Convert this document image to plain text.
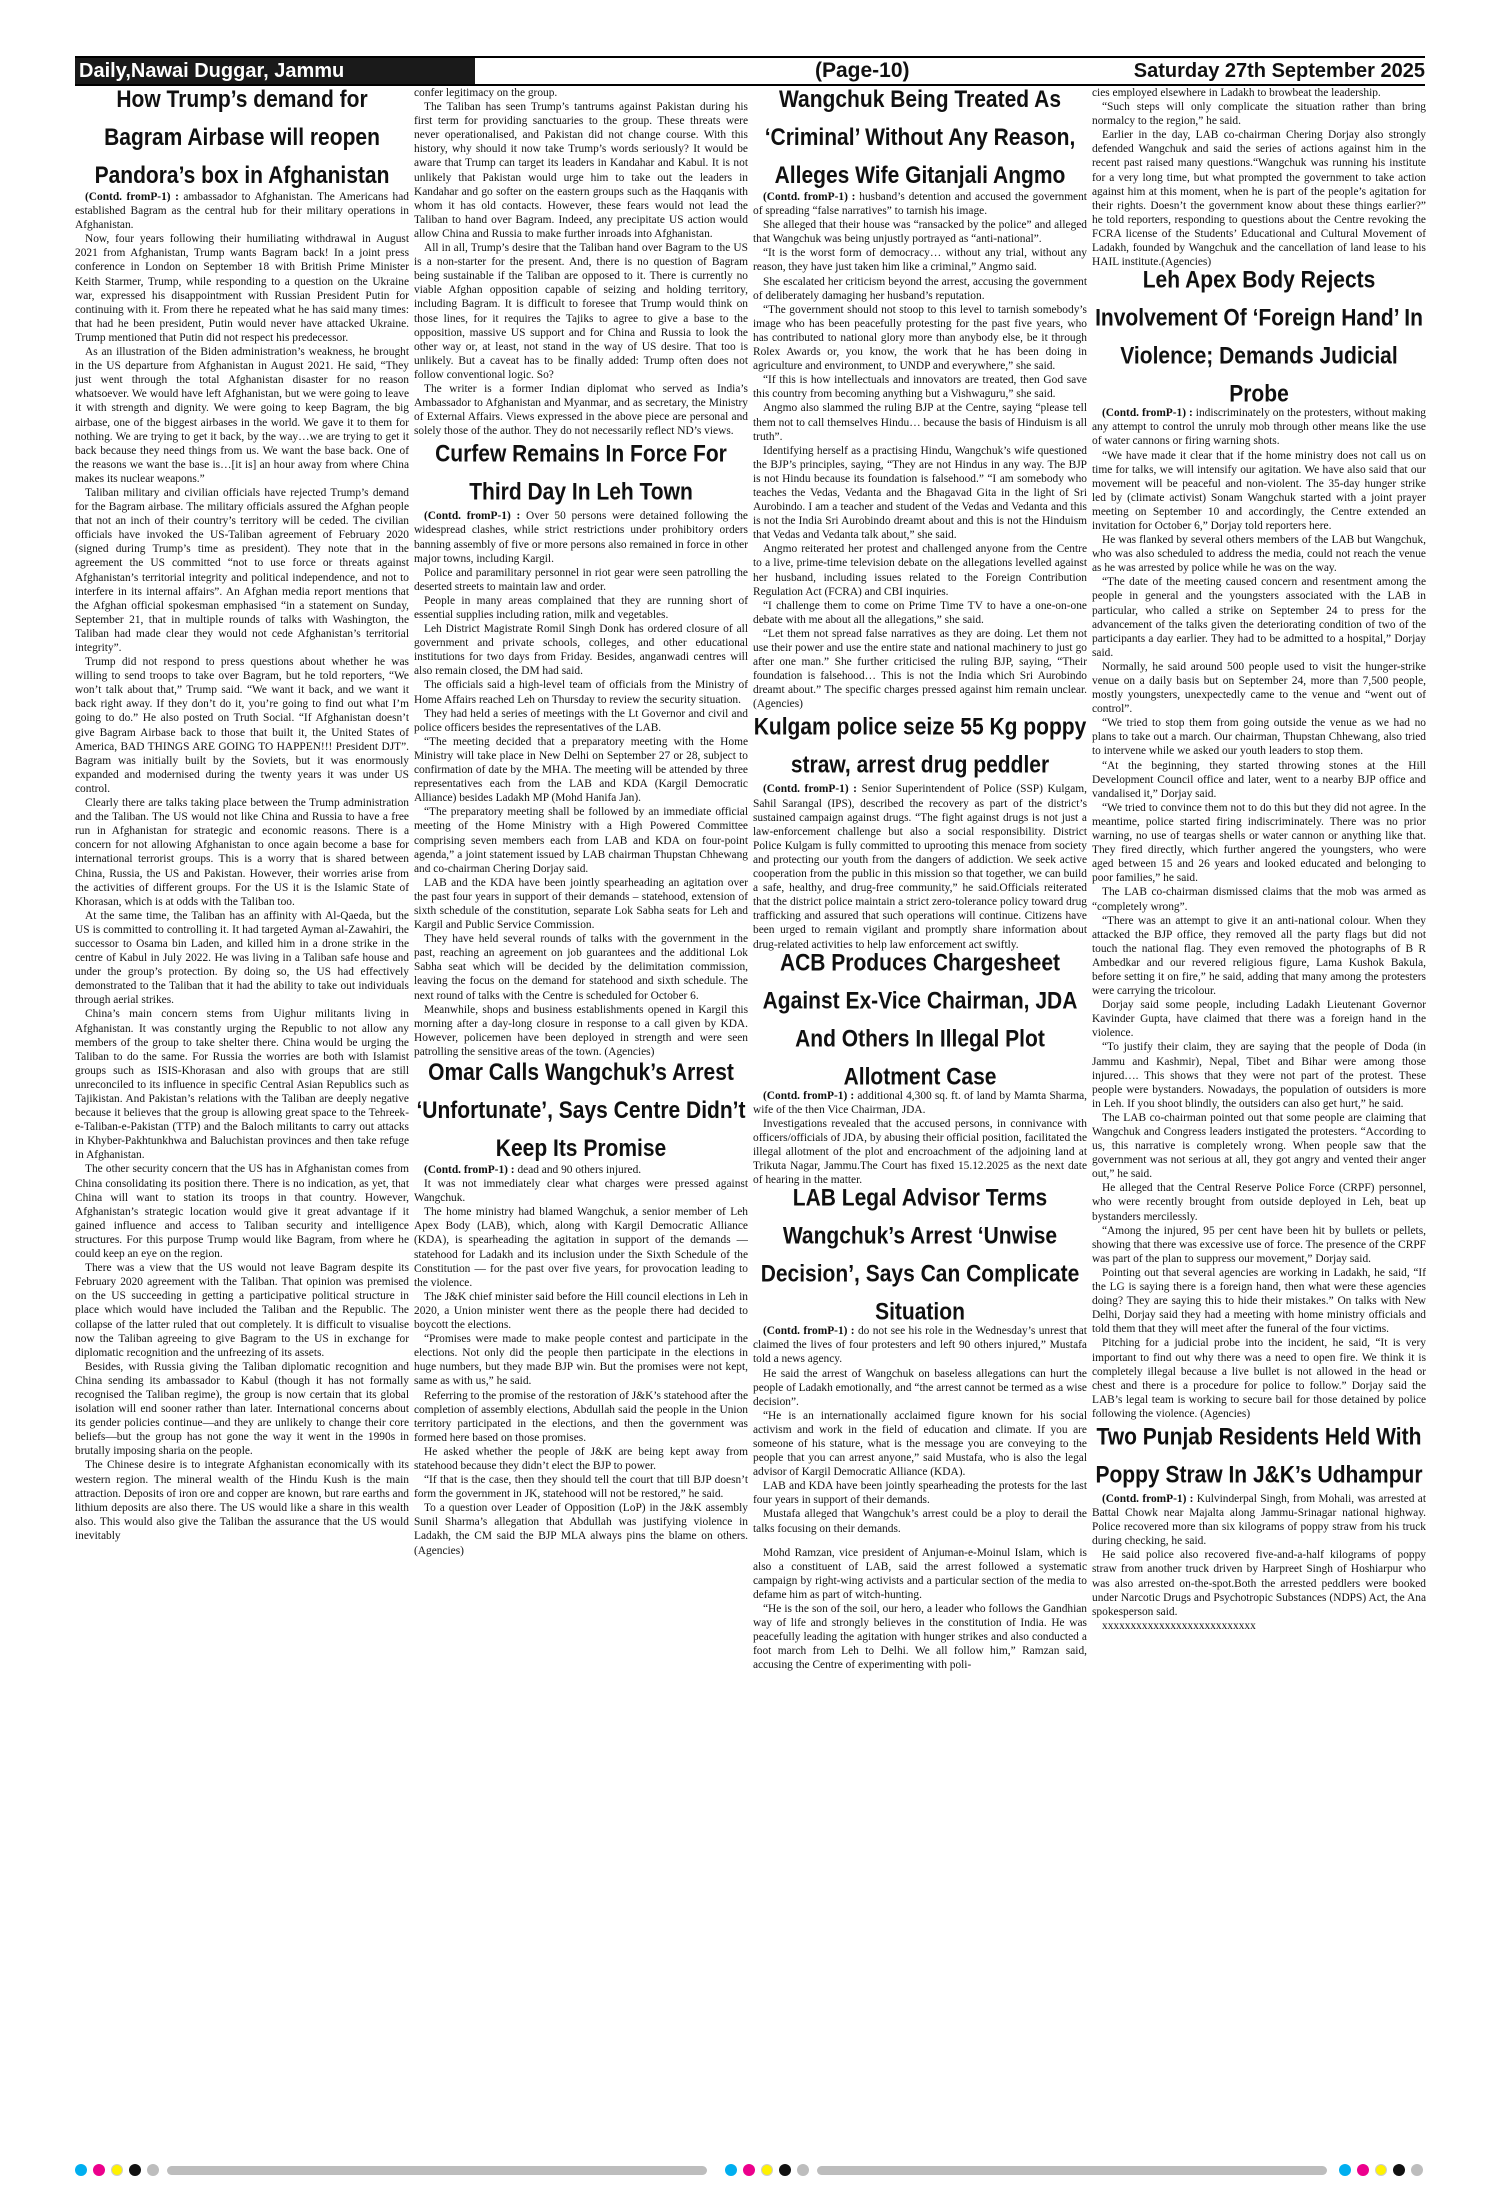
Daily,Nawai Duggar, Jammu	(Page-10)	Saturday 27th September 2025
How Trump’s demand for Bagram Airbase will reopen Pandora’s box in Afghanistan

(Contd. fromP-1) : ambassador to Afghanistan. The Americans had established Bagram as the central hub for their military operations in Afghanistan.

Now, four years following their humiliating withdrawal in August 2021 from Afghanistan, Trump wants Bagram back! In a joint press conference in London on September 18 with British Prime Minister Keith Starmer, Trump, while responding to a question on the Ukraine war, expressed his disappointment with Russian President Putin for continuing with it. From there he repeated what he has said many times: that had he been president, Putin would never have attacked Ukraine. Trump mentioned that Putin did not respect his predecessor.

As an illustration of the Biden administration’s weakness, he brought in the US departure from Afghanistan in August 2021. He said, “They just went through the total Afghanistan disaster for no reason whatsoever. We would have left Afghanistan, but we were going to leave it with strength and dignity. We were going to keep Bagram, the big airbase, one of the biggest airbases in the world. We gave it to them for nothing. We are trying to get it back, by the way…we are trying to get it back because they need things from us. We want the base back. One of the reasons we want the base is…[it is] an hour away from where China makes its nuclear weapons.”

Taliban military and civilian officials have rejected Trump’s demand for the Bagram airbase. The military officials assured the Afghan people that not an inch of their country’s territory will be ceded. The civilian officials have invoked the US-Taliban agreement of February 2020 (signed during Trump’s time as president). They note that in the agreement the US committed “not to use force or threats against Afghanistan’s territorial integrity and political independence, and not to interfere in its internal affairs”. An Afghan media report mentions that the Afghan official spokesman emphasised “in a statement on Sunday, September 21, that in multiple rounds of talks with Washington, the Taliban had made clear they would not cede Afghanistan’s territorial integrity”.

Trump did not respond to press questions about whether he was willing to send troops to take over Bagram, but he told reporters, “We won’t talk about that,” Trump said. “We want it back, and we want it back right away. If they don’t do it, you’re going to find out what I’m going to do.” He also posted on Truth Social. “If Afghanistan doesn’t give Bagram Airbase back to those that built it, the United States of America, BAD THINGS ARE GOING TO HAPPEN!!! President DJT”. Bagram was initially built by the Soviets, but it was enormously expanded and modernised during the twenty years it was under US control.

Clearly there are talks taking place between the Trump administration and the Taliban. The US would not like China and Russia to have a free run in Afghanistan for strategic and economic reasons. There is a concern for not allowing Afghanistan to once again become a base for international terrorist groups. This is a worry that is shared between China, Russia, the US and Pakistan. However, their worries arise from the activities of different groups. For the US it is the Islamic State of Khorasan, which is at odds with the Taliban too.

At the same time, the Taliban has an affinity with Al-Qaeda, but the US is committed to controlling it. It had targeted Ayman al-Zawahiri, the successor to Osama bin Laden, and killed him in a drone strike in the centre of Kabul in July 2022. He was living in a Taliban safe house and under the group’s protection. By doing so, the US had effectively demonstrated to the Taliban that it had the ability to take out individuals through aerial strikes.

China’s main concern stems from Uighur militants living in Afghanistan. It was constantly urging the Republic to not allow any members of the group to take shelter there. China would be urging the Taliban to do the same. For Russia the worries are both with Islamist groups such as ISIS-Khorasan and also with groups that are still unreconciled to its influence in specific Central Asian Republics such as Tajikistan. And Pakistan’s relations with the Taliban are deeply negative because it believes that the group is allowing great space to the Tehreek-e-Taliban-e-Pakistan (TTP) and the Baloch militants to carry out attacks in Khyber-Pakhtunkhwa and Baluchistan provinces and then take refuge in Afghanistan.

The other security concern that the US has in Afghanistan comes from China consolidating its position there. There is no indication, as yet, that China will want to station its troops in that country. However, Afghanistan’s strategic location would give it great advantage if it gained influence and access to Taliban security and intelligence structures. For this purpose Trump would like Bagram, from where he could keep an eye on the region.

There was a view that the US would not leave Bagram despite its February 2020 agreement with the Taliban. That opinion was premised on the US succeeding in getting a participative political structure in place which would have included the Taliban and the Republic. The collapse of the latter ruled that out completely. It is difficult to visualise now the Taliban agreeing to give Bagram to the US in exchange for diplomatic recognition and the unfreezing of its assets.

Besides, with Russia giving the Taliban diplomatic recognition and China sending its ambassador to Kabul (though it has not formally recognised the Taliban regime), the group is now certain that its global isolation will end sooner rather than later. International concerns about its gender policies continue—and they are unlikely to change their core beliefs—but the group has not gone the way it went in the 1990s in brutally imposing sharia on the people.

The Chinese desire is to integrate Afghanistan economically with its western region. The mineral wealth of the Hindu Kush is the main attraction. Deposits of iron ore and copper are known, but rare earths and lithium deposits are also there. The US would like a share in this wealth also. This would also give the Taliban the assurance that the US would inevitably

confer legitimacy on the group.

The Taliban has seen Trump’s tantrums against Pakistan during his first term for providing sanctuaries to the group. These threats were never operationalised, and Pakistan did not change course. With this history, why should it now take Trump’s words seriously? It would be aware that Trump can target its leaders in Kandahar and Kabul. It is not unlikely that Pakistan would urge him to take out the leaders in Kandahar and go softer on the eastern groups such as the Haqqanis with whom it has old contacts. However, these fears would not lead the Taliban to hand over Bagram. Indeed, any precipitate US action would allow China and Russia to make further inroads into Afghanistan.

All in all, Trump’s desire that the Taliban hand over Bagram to the US is a non-starter for the present. And, there is no question of Bagram being sustainable if the Taliban are opposed to it. There is currently no viable Afghan opposition capable of seizing and holding territory, including Bagram. It is difficult to foresee that Trump would think on those lines, for it requires the Tajiks to agree to give a base to the opposition, massive US support and for China and Russia to look the other way or, at least, not stand in the way of US desire. That too is unlikely. But a caveat has to be finally added: Trump often does not follow conventional logic. So?

The writer is a former Indian diplomat who served as India’s Ambassador to Afghanistan and Myanmar, and as secretary, the Ministry of External Affairs. Views expressed in the above piece are personal and solely those of the author. They do not necessarily reflect ND’s views.

Curfew Remains In Force For Third Day In Leh Town

(Contd. fromP-1) : Over 50 persons were detained following the widespread clashes, while strict restrictions under prohibitory orders banning assembly of five or more persons also remained in force in other major towns, including Kargil.

Police and paramilitary personnel in riot gear were seen patrolling the deserted streets to maintain law and order.

People in many areas complained that they are running short of essential supplies including ration, milk and vegetables.

Leh District Magistrate Romil Singh Donk has ordered closure of all government and private schools, colleges, and other educational institutions for two days from Friday. Besides, anganwadi centres will also remain closed, the DM had said.

The officials said a high-level team of officials from the Ministry of Home Affairs reached Leh on Thursday to review the security situation.

They had held a series of meetings with the Lt Governor and civil and police officers besides the representatives of the LAB.

“The meeting decided that a preparatory meeting with the Home Ministry will take place in New Delhi on September 27 or 28, subject to confirmation of date by the MHA. The meeting will be attended by three representatives each from the LAB and KDA (Kargil Democratic Alliance) besides Ladakh MP (Mohd Hanifa Jan).

“The preparatory meeting shall be followed by an immediate official meeting of the Home Ministry with a High Powered Committee comprising seven members each from LAB and KDA on four-point agenda,” a joint statement issued by LAB chairman Thupstan Chhewang and co-chairman Chering Dorjay said.

LAB and the KDA have been jointly spearheading an agitation over the past four years in support of their demands – statehood, extension of sixth schedule of the constitution, separate Lok Sabha seats for Leh and Kargil and Public Service Commission.

They have held several rounds of talks with the government in the past, reaching an agreement on job guarantees and the additional Lok Sabha seat which will be decided by the delimitation commission, leaving the focus on the demand for statehood and sixth schedule. The next round of talks with the Centre is scheduled for October 6.

Meanwhile, shops and business establishments opened in Kargil this morning after a day-long closure in response to a call given by KDA. However, policemen have been deployed in strength and were seen patrolling the sensitive areas of the town. (Agencies)

Omar Calls Wangchuk’s Arrest ‘Unfortunate’, Says Centre Didn’t Keep Its Promise

(Contd. fromP-1) : dead and 90 others injured.

It was not immediately clear what charges were pressed against Wangchuk.

The home ministry had blamed Wangchuk, a senior member of Leh Apex Body (LAB), which, along with Kargil Democratic Alliance (KDA), is spearheading the agitation in support of the demands — statehood for Ladakh and its inclusion under the Sixth Schedule of the Constitution — for the past over five years, for provocation leading to the violence.

The J&K chief minister said before the Hill council elections in Leh in 2020, a Union minister went there as the people there had decided to boycott the elections.

“Promises were made to make people contest and participate in the elections. Not only did the people then participate in the elections in huge numbers, but they made BJP win. But the promises were not kept, same as with us,” he said.

Referring to the promise of the restoration of J&K’s statehood after the completion of assembly elections, Abdullah said the people in the Union territory participated in the elections, and then the government was formed here based on those promises.

He asked whether the people of J&K are being kept away from statehood because they didn’t elect the BJP to power.

“If that is the case, then they should tell the court that till BJP doesn’t form the government in JK, statehood will not be restored,” he said.

To a question over Leader of Opposition (LoP) in the J&K assembly Sunil Sharma’s allegation that Abdullah was justifying violence in Ladakh, the CM said the BJP MLA always pins the blame on others. (Agencies)

Wangchuk Being Treated As ‘Criminal’ Without Any Reason, Alleges Wife Gitanjali Angmo

(Contd. fromP-1) : husband’s detention and accused the government of spreading “false narratives” to tarnish his image.

She alleged that their house was “ransacked by the police” and alleged that Wangchuk was being unjustly portrayed as “anti-national”.

“It is the worst form of democracy… without any trial, without any reason, they have just taken him like a criminal,” Angmo said.

She escalated her criticism beyond the arrest, accusing the government of deliberately damaging her husband’s reputation.

“The government should not stoop to this level to tarnish somebody’s image who has been peacefully protesting for the past five years, who has contributed to national glory more than anybody else, be it through Rolex Awards or, you know, the work that he has been doing in agriculture and environment, to UNDP and everywhere,” she said.

“If this is how intellectuals and innovators are treated, then God save this country from becoming anything but a Vishwaguru,” she said.

Angmo also slammed the ruling BJP at the Centre, saying “please tell them not to call themselves Hindu… because the basis of Hinduism is all truth”.

Identifying herself as a practising Hindu, Wangchuk’s wife questioned the BJP’s principles, saying, “They are not Hindus in any way. The BJP is not Hindu because its foundation is falsehood.” “I am somebody who teaches the Vedas, Vedanta and the Bhagavad Gita in the light of Sri Aurobindo. I am a teacher and student of the Vedas and Vedanta and this is not the India Sri Aurobindo dreamt about and this is not the Hinduism that Vedas and Vedanta talk about,” she said.

Angmo reiterated her protest and challenged anyone from the Centre to a live, prime-time television debate on the allegations levelled against her husband, including issues related to the Foreign Contribution Regulation Act (FCRA) and CBI inquiries.

“I challenge them to come on Prime Time TV to have a one-on-one debate with me about all the allegations,” she said.

“Let them not spread false narratives as they are doing. Let them not use their power and use the entire state and national machinery to just go after one man.” She further criticised the ruling BJP, saying, “Their foundation is falsehood… This is not the India which Sri Aurobindo dreamt about.” The specific charges pressed against him remain unclear. (Agencies)

Kulgam police seize 55 Kg poppy straw, arrest drug peddler

(Contd. fromP-1) : Senior Superintendent of Police (SSP) Kulgam, Sahil Sarangal (IPS), described the recovery as part of the district’s sustained campaign against drugs. “The fight against drugs is not just a law-enforcement challenge but also a social responsibility. District Police Kulgam is fully committed to uprooting this menace from society and protecting our youth from the dangers of addiction. We seek active cooperation from the public in this mission so that together, we can build a safe, healthy, and drug-free community,” he said.Officials reiterated that the district police maintain a strict zero-tolerance policy toward drug trafficking and assured that such operations will continue. Citizens have been urged to remain vigilant and promptly share information about drug-related activities to help law enforcement act swiftly.

ACB Produces Chargesheet Against Ex-Vice Chairman, JDA And Others In Illegal Plot Allotment Case

(Contd. fromP-1) : additional 4,300 sq. ft. of land by Mamta Sharma, wife of the then Vice Chairman, JDA.

Investigations revealed that the accused persons, in connivance with officers/officials of JDA, by abusing their official position, facilitated the illegal allotment of the plot and encroachment of the adjoining land at Trikuta Nagar, Jammu.The Court has fixed 15.12.2025 as the next date of hearing in the matter.

LAB Legal Advisor Terms Wangchuk’s Arrest ‘Unwise Decision’, Says Can Complicate Situation

(Contd. fromP-1) : do not see his role in the Wednesday’s unrest that claimed the lives of four protesters and left 90 others injured,” Mustafa told a news agency.

He said the arrest of Wangchuk on baseless allegations can hurt the people of Ladakh emotionally, and “the arrest cannot be termed as a wise decision”.

“He is an internationally acclaimed figure known for his social activism and work in the field of education and climate. If you are someone of his stature, what is the message you are conveying to the people that you can arrest anyone,” said Mustafa, who is also the legal advisor of Kargil Democratic Alliance (KDA).

LAB and KDA have been jointly spearheading the protests for the last four years in support of their demands.

Mustafa alleged that Wangchuk’s arrest could be a ploy to derail the talks focusing on their demands.

Mohd Ramzan, vice president of Anjuman-e-Moinul Islam, which is also a constituent of LAB, said the arrest followed a systematic campaign by right-wing activists and a particular section of the media to defame him as part of witch-hunting.

“He is the son of the soil, our hero, a leader who follows the Gandhian way of life and strongly believes in the constitution of India. He was peacefully leading the agitation with hunger strikes and also conducted a foot march from Leh to Delhi. We all follow him,” Ramzan said, accusing the Centre of experimenting with poli-

cies employed elsewhere in Ladakh to browbeat the leadership.

“Such steps will only complicate the situation rather than bring normalcy to the region,” he said.

Earlier in the day, LAB co-chairman Chering Dorjay also strongly defended Wangchuk and said the series of actions against him in the recent past raised many questions.“Wangchuk was running his institute for a very long time, but what prompted the government to take action against him at this moment, when he is part of the people’s agitation for their rights. Doesn’t the government know about these things earlier?” he told reporters, responding to questions about the Centre revoking the FCRA license of the Students’ Educational and Cultural Movement of Ladakh, founded by Wangchuk and the cancellation of land lease to his HAIL institute.(Agencies)

Leh Apex Body Rejects Involvement Of ‘Foreign Hand’ In Violence; Demands Judicial Probe

(Contd. fromP-1) : indiscriminately on the protesters, without making any attempt to control the unruly mob through other means like the use of water cannons or firing warning shots.

“We have made it clear that if the home ministry does not call us on time for talks, we will intensify our agitation. We have also said that our movement will be peaceful and non-violent. The 35-day hunger strike led by (climate activist) Sonam Wangchuk started with a joint prayer meeting on September 10 and accordingly, the Centre extended an invitation for October 6,” Dorjay told reporters here.

He was flanked by several others members of the LAB but Wangchuk, who was also scheduled to address the media, could not reach the venue as he was arrested by police while he was on the way.

“The date of the meeting caused concern and resentment among the people in general and the youngsters associated with the LAB in particular, who called a strike on September 24 to press for the advancement of the talks given the deteriorating condition of two of the participants a day earlier. They had to be admitted to a hospital,” Dorjay said.

Normally, he said around 500 people used to visit the hunger-strike venue on a daily basis but on September 24, more than 7,500 people, mostly youngsters, unexpectedly came to the venue and “went out of control”.

“We tried to stop them from going outside the venue as we had no plans to take out a march. Our chairman, Thupstan Chhewang, also tried to intervene while we asked our youth leaders to stop them.

“At the beginning, they started throwing stones at the Hill Development Council office and later, went to a nearby BJP office and vandalised it,” Dorjay said.

“We tried to convince them not to do this but they did not agree. In the meantime, police started firing indiscriminately. There was no prior warning, no use of teargas shells or water cannon or anything like that. They fired directly, which further angered the youngsters, who were aged between 15 and 26 years and looked educated and belonging to poor families,” he said.

The LAB co-chairman dismissed claims that the mob was armed as “completely wrong”.

“There was an attempt to give it an anti-national colour. When they attacked the BJP office, they removed all the party flags but did not touch the national flag. They even removed the photographs of B R Ambedkar and our revered religious figure, Lama Kushok Bakula, before setting it on fire,” he said, adding that many among the protesters were carrying the tricolour.

Dorjay said some people, including Ladakh Lieutenant Governor Kavinder Gupta, have claimed that there was a foreign hand in the violence.

“To justify their claim, they are saying that the people of Doda (in Jammu and Kashmir), Nepal, Tibet and Bihar were among those injured…. This shows that they were not part of the protest. These people were bystanders. Nowadays, the population of outsiders is more in Leh. If you shoot blindly, the outsiders can also get hurt,” he said.

The LAB co-chairman pointed out that some people are claiming that Wangchuk and Congress leaders instigated the protesters. “According to us, this narrative is completely wrong. When people saw that the government was not serious at all, they got angry and vented their anger out,” he said.

He alleged that the Central Reserve Police Force (CRPF) personnel, who were recently brought from outside deployed in Leh, beat up bystanders mercilessly.

“Among the injured, 95 per cent have been hit by bullets or pellets, showing that there was excessive use of force. The presence of the CRPF was part of the plan to suppress our movement,” Dorjay said.

Pointing out that several agencies are working in Ladakh, he said, “If the LG is saying there is a foreign hand, then what were these agencies doing? They are saying this to hide their mistakes.” On talks with New Delhi, Dorjay said they had a meeting with home ministry officials and told them that they will meet after the funeral of the four victims.

Pitching for a judicial probe into the incident, he said, “It is very important to find out why there was a need to open fire. We think it is completely illegal because a live bullet is not allowed in the head or chest and there is a procedure for police to follow.” Dorjay said the LAB’s legal team is working to secure bail for those detained by police following the violence. (Agencies)

Two Punjab Residents Held With Poppy Straw In J&K’s Udhampur

(Contd. fromP-1) : Kulvinderpal Singh, from Mohali, was arrested at Battal Chowk near Majalta along Jammu-Srinagar national highway. Police recovered more than six kilograms of poppy straw from his truck during checking, he said.

He said police also recovered five-and-a-half kilograms of poppy straw from another truck driven by Harpreet Singh of Hoshiarpur who was also arrested on-the-spot.Both the arrested peddlers were booked under Narcotic Drugs and Psychotropic Substances (NDPS) Act, the Ana spokesperson said.

xxxxxxxxxxxxxxxxxxxxxxxxxxx
